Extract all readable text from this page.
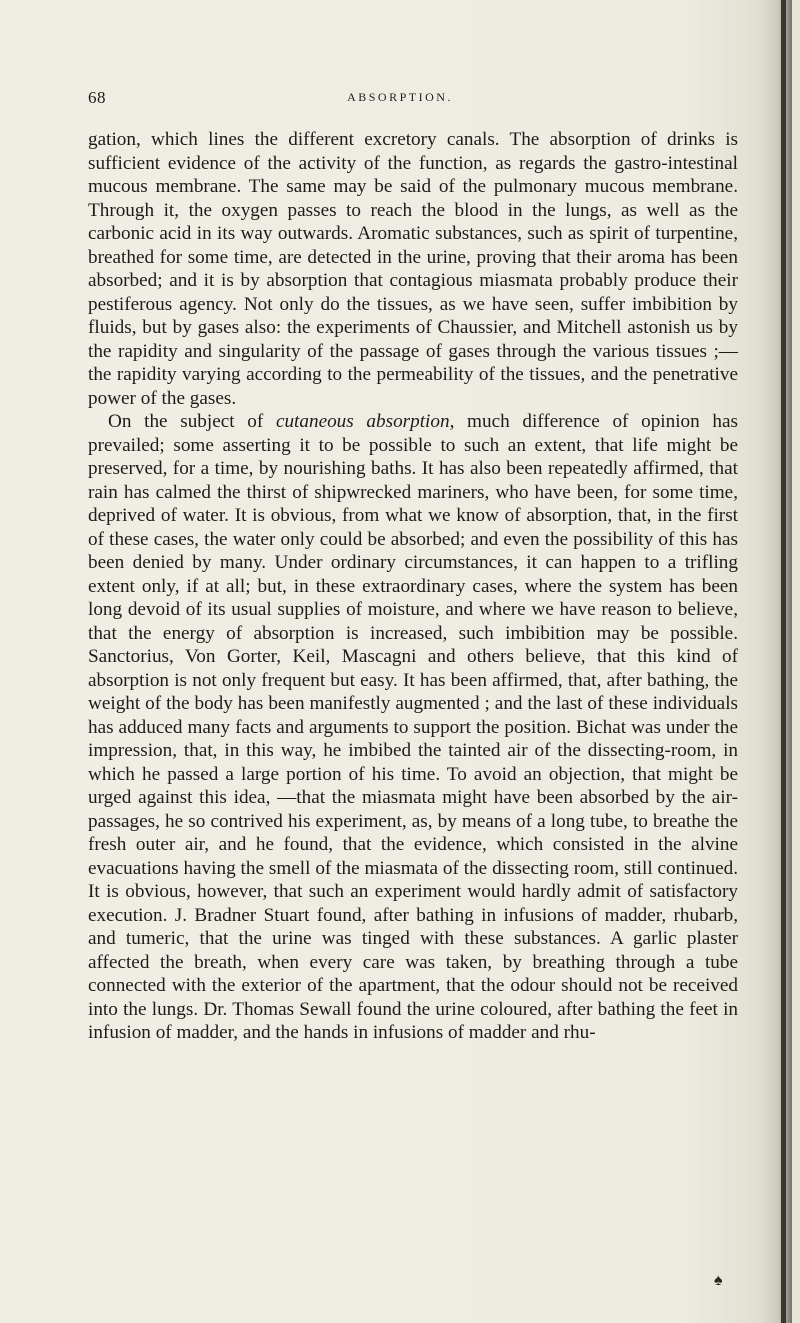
68	ABSORPTION.

gation, which lines the different excretory canals. The absorption of drinks is sufficient evidence of the activity of the function, as regards the gastro-intestinal mucous membrane. The same may be said of the pulmonary mucous membrane. Through it, the oxygen passes to reach the blood in the lungs, as well as the carbonic acid in its way outwards. Aromatic substances, such as spirit of turpentine, breathed for some time, are detected in the urine, proving that their aroma has been absorbed; and it is by absorption that contagious miasmata probably produce their pestiferous agency. Not only do the tissues, as we have seen, suffer imbibition by fluids, but by gases also: the experiments of Chaussier, and Mitchell astonish us by the rapidity and singularity of the passage of gases through the various tissues ;—the rapidity varying according to the permeability of the tissues, and the penetrative power of the gases.

On the subject of cutaneous absorption, much difference of opinion has prevailed; some asserting it to be possible to such an extent, that life might be preserved, for a time, by nourishing baths. It has also been repeatedly affirmed, that rain has calmed the thirst of shipwrecked mariners, who have been, for some time, deprived of water. It is obvious, from what we know of absorption, that, in the first of these cases, the water only could be absorbed; and even the possibility of this has been denied by many. Under ordinary circumstances, it can happen to a trifling extent only, if at all; but, in these extraordinary cases, where the system has been long devoid of its usual supplies of moisture, and where we have reason to believe, that the energy of absorption is increased, such imbibition may be possible. Sanctorius, Von Gorter, Keil, Mascagni and others believe, that this kind of absorption is not only frequent but easy. It has been affirmed, that, after bathing, the weight of the body has been manifestly augmented ; and the last of these individuals has adduced many facts and arguments to support the position. Bichat was under the impression, that, in this way, he imbibed the tainted air of the dissecting-room, in which he passed a large portion of his time. To avoid an objection, that might be urged against this idea, —that the miasmata might have been absorbed by the air-passages, he so contrived his experiment, as, by means of a long tube, to breathe the fresh outer air, and he found, that the evidence, which consisted in the alvine evacuations having the smell of the miasmata of the dissecting room, still continued. It is obvious, however, that such an experiment would hardly admit of satisfactory execution. J. Bradner Stuart found, after bathing in infusions of madder, rhubarb, and tumeric, that the urine was tinged with these substances. A garlic plaster affected the breath, when every care was taken, by breathing through a tube connected with the exterior of the apartment, that the odour should not be received into the lungs. Dr. Thomas Sewall found the urine coloured, after bathing the feet in infusion of madder, and the hands in infusions of madder and rhu-

♠
